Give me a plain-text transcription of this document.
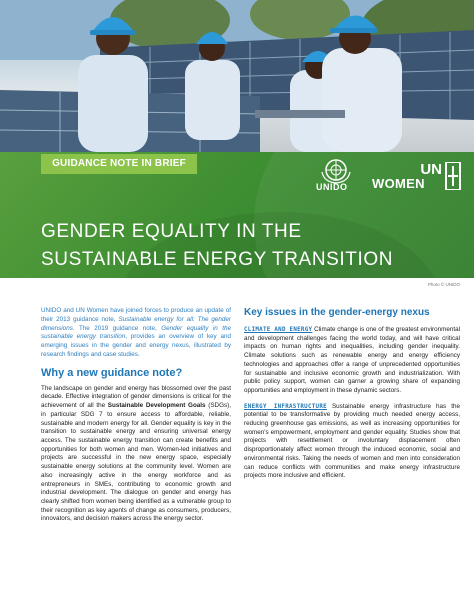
GUIDANCE NOTE IN BRIEF
UNIDO
UN
WOMEN
GENDER EQUALITY IN THE
SUSTAINABLE ENERGY TRANSITION
Photo © UNIDO

UNIDO and UN Women have joined forces to produce an update of their 2013 guidance note, Sustainable energy for all: The gender dimensions. The 2019 guidance note, Gender equality in the sustainable energy transition, provides an overview of key and emerging issues in the gender and energy nexus, illustrated by research findings and case studies.

Why a new guidance note?

The landscape on gender and energy has blossomed over the past decade. Effective integration of gender dimensions is critical for the achievement of all the Sustainable Development Goals (SDGs), in particular SDG 7 to ensure access to affordable, reliable, sustainable and modern energy for all. Gender equality is key in the transition to sustainable energy and ensuring universal energy access. The sustainable energy transition can create benefits and opportunities for both women and men. Women-led initiatives and projects are successful in the new energy space, especially sustainable energy solutions at the community level. Women are also increasingly active in the energy workforce and as entrepreneurs in SMEs, contributing to economic growth and industrial development. The dialogue on gender and energy has clearly shifted from women being identified as a vulnerable group to their recognition as key agents of change as consumers, producers, innovators, and decision makers across the energy sector.

Key issues in the gender-energy nexus

CLIMATE AND ENERGY Climate change is one of the greatest environmental and development challenges facing the world today, and will have critical impacts on human rights and inequalities, including gender inequality. Climate solutions such as renewable energy and energy efficiency technologies and approaches offer a range of unprecedented opportunities for sustainable and inclusive economic growth and industrialization. With public policy support, women can garner a growing share of expanding opportunities and employment in these dynamic sectors.

ENERGY INFRASTRUCTURE Sustainable energy infrastructure has the potential to be transformative by providing much needed energy access, reducing greenhouse gas emissions, as well as increasing opportunities for women's empowerment, employment and gender equality. Studies show that projects with resettlement or involuntary displacement often disproportionately affect women through the induced economic, social and environmental risks. Taking the needs of women and men into consideration can reduce conflicts with communities and make energy infrastructure projects more inclusive and efficient.
